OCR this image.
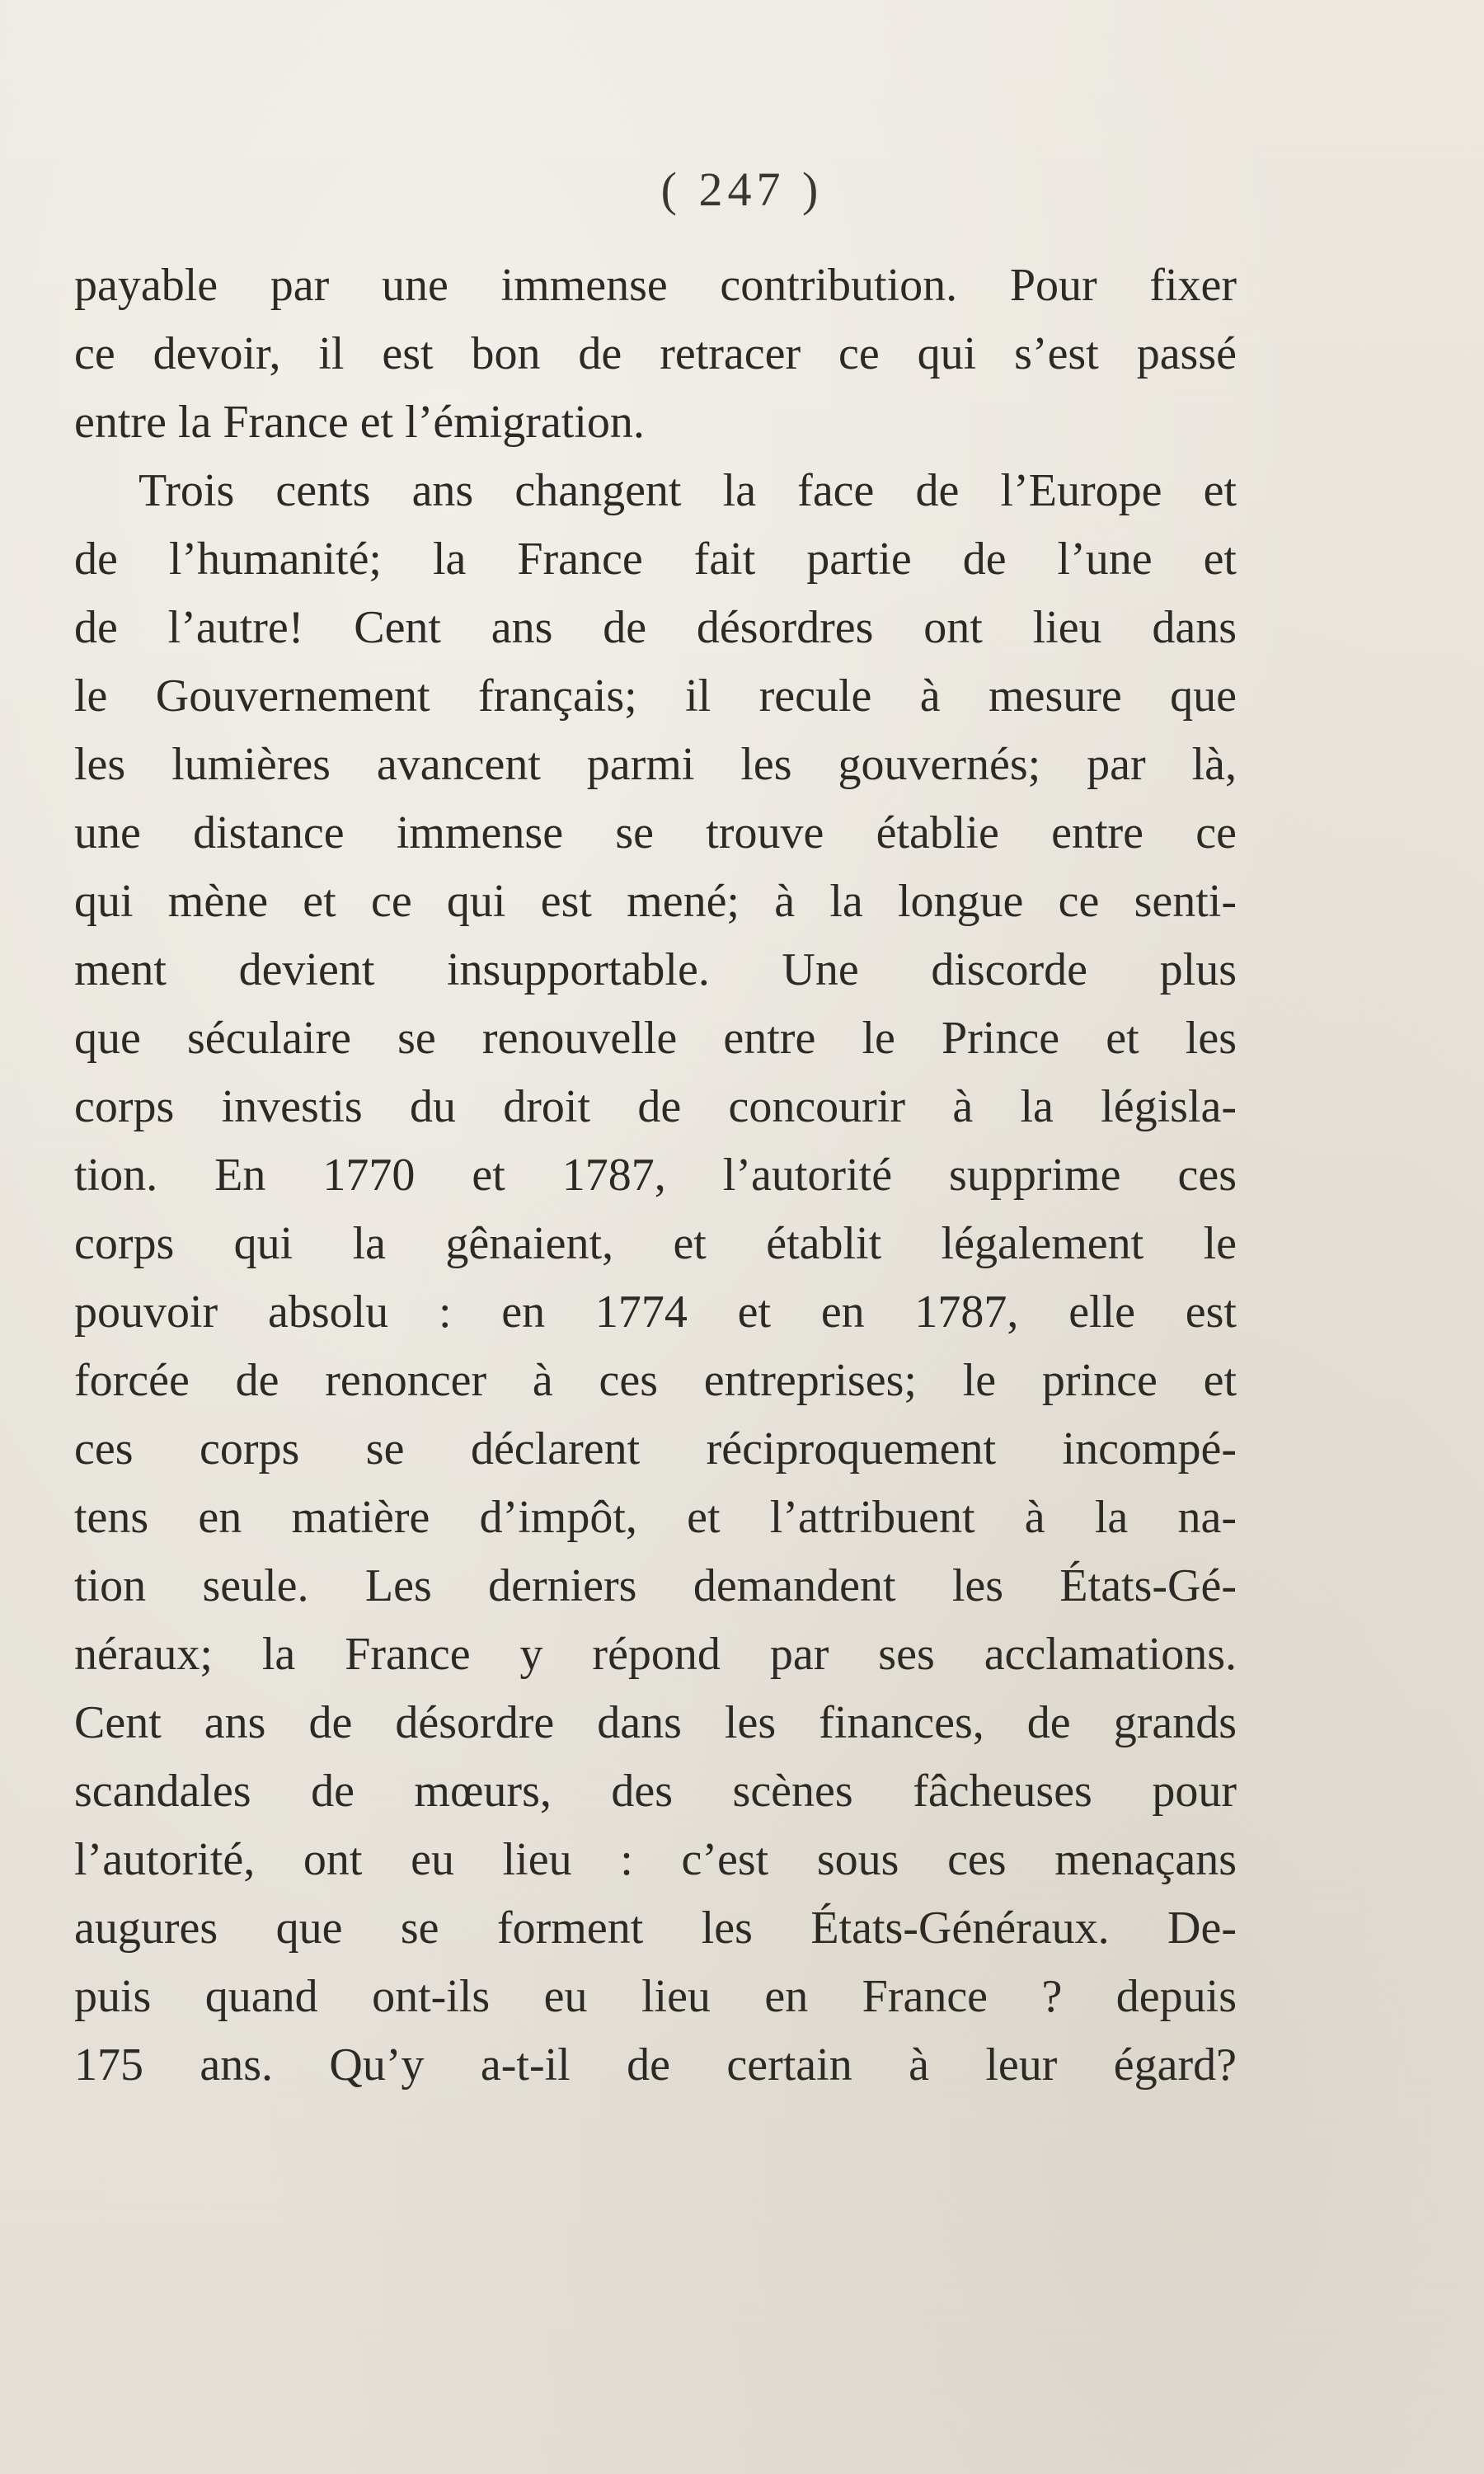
( 247 )
payable par une immense contribution. Pour fixer
ce devoir, il est bon de retracer ce qui s’est passé
entre la France et l’émigration.
Trois cents ans changent la face de l’Europe et
de l’humanité; la France fait partie de l’une et
de l’autre! Cent ans de désordres ont lieu dans
le Gouvernement français; il recule à mesure que
les lumières avancent parmi les gouvernés; par là,
une distance immense se trouve établie entre ce
qui mène et ce qui est mené; à la longue ce senti-
ment devient insupportable. Une discorde plus
que séculaire se renouvelle entre le Prince et les
corps investis du droit de concourir à la législa-
tion. En 1770 et 1787, l’autorité supprime ces
corps qui la gênaient, et établit légalement le
pouvoir absolu : en 1774 et en 1787, elle est
forcée de renoncer à ces entreprises; le prince et
ces corps se déclarent réciproquement incompé-
tens en matière d’impôt, et l’attribuent à la na-
tion seule. Les derniers demandent les États-Gé-
néraux; la France y répond par ses acclamations.
Cent ans de désordre dans les finances, de grands
scandales de mœurs, des scènes fâcheuses pour
l’autorité, ont eu lieu : c’est sous ces menaçans
augures que se forment les États-Généraux. De-
puis quand ont-ils eu lieu en France ? depuis
175 ans. Qu’y a-t-il de certain à leur égard?
